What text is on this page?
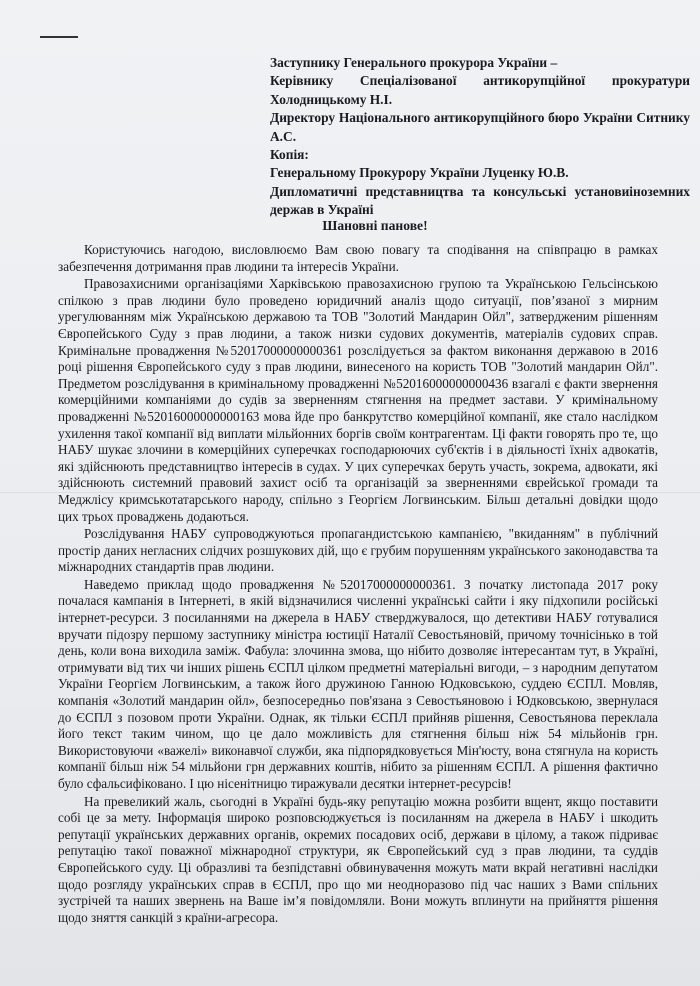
Заступнику Генерального прокурора України –
Керівнику Спеціалізованої антикорупційної прокуратури Холодницькому Н.І.
Директору Національного антикорупційного бюро України Ситнику А.С.
Копія:
Генеральному Прокурору України Луценку Ю.В.
Дипломатичні представництва та консульські установиіноземних держав в Україні
Шановні панове!

Користуючись нагодою, висловлюємо Вам свою повагу та сподівання на співпрацю в рамках забезпечення дотримання прав людини та інтересів України.

Правозахисними організаціями Харківською правозахисною групою та Українською Гельсінською спілкою з прав людини було проведено юридичний аналіз щодо ситуації, пов’язаної з мирним урегулюванням між Українською державою та ТОВ "Золотий Мандарин Ойл", затвердженим рішенням Європейського Суду з прав людини, а також низки судових документів, матеріалів судових справ. Кримінальне провадження №52017000000000361 розслідується за фактом виконання державою в 2016 році рішення Європейського суду з прав людини, винесеного на користь ТОВ "Золотий мандарин Ойл". Предметом розслідування в кримінальному провадженні №52016000000000436 взагалі є факти звернення комерційними компаніями до судів за зверненням стягнення на предмет застави. У кримінальному провадженні №52016000000000163 мова йде про банкрутство комерційної компанії, яке стало наслідком ухилення такої компанії від виплати мільйонних боргів своїм контрагентам. Ці факти говорять про те, що НАБУ шукає злочини в комерційних суперечках господарюючих суб'єктів і в діяльності їхніх адвокатів, які здійснюють представництво інтересів в судах. У цих суперечках беруть участь, зокрема, адвокати, які здійснюють системний правовий захист осіб та організацій за зверненнями єврейської громади та Меджлісу кримськотатарського народу, спільно з Георгієм Логвинським. Більш детальні довідки щодо цих трьох проваджень додаються.

Розслідування НАБУ супроводжуються пропагандистською кампанією, "вкиданням" в публічний простір даних негласних слідчих розшукових дій, що є грубим порушенням українського законодавства та міжнародних стандартів прав людини.

Наведемо приклад щодо провадження №52017000000000361. З початку листопада 2017 року почалася кампанія в Інтернеті, в якій відзначилися численні українські сайти і яку підхопили російські інтернет-ресурси. З посиланнями на джерела в НАБУ стверджувалося, що детективи НАБУ готувалися вручати підозру першому заступнику міністра юстиції Наталії Севостьяновій, причому точнісінько в той день, коли вона виходила заміж. Фабула: злочинна змова, що нібито дозволяє інтересантам тут, в Україні, отримувати від тих чи інших рішень ЄСПЛ цілком предметні матеріальні вигоди, – з народним депутатом України Георгієм Логвинським, а також його дружиною Ганною Юдковською, суддею ЄСПЛ. Мовляв, компанія «Золотий мандарин ойл», безпосередньо пов'язана з Севостьяновою і Юдковською, звернулася до ЄСПЛ з позовом проти України. Однак, як тільки ЄСПЛ прийняв рішення, Севостьянова переклала його текст таким чином, що це дало можливість для стягнення більш ніж 54 мільйонів грн. Використовуючи «важелі» виконавчої служби, яка підпорядковується Мін'юсту, вона стягнула на користь компанії більш ніж 54 мільйони грн державних коштів, нібито за рішенням ЄСПЛ. А рішення фактично було сфальсифіковано. І цю нісенітницю тиражували десятки інтернет-ресурсів!

На превеликий жаль, сьогодні в Україні будь-яку репутацію можна розбити вщент, якщо поставити собі це за мету. Інформація широко розповсюджується із посиланням на джерела в НАБУ і шкодить репутації українських державних органів, окремих посадових осіб, держави в цілому, а також підриває репутацію такої поважної міжнародної структури, як Європейський суд з прав людини, та суддів Європейського суду. Ці образливі та безпідставні обвинувачення можуть мати вкрай негативні наслідки щодо розгляду українських справ в ЄСПЛ, про що ми неодноразово під час наших з Вами спільних зустрічей та наших звернень на Ваше ім’я повідомляли. Вони можуть вплинути на прийняття рішення щодо зняття санкцій з країни-агресора.
